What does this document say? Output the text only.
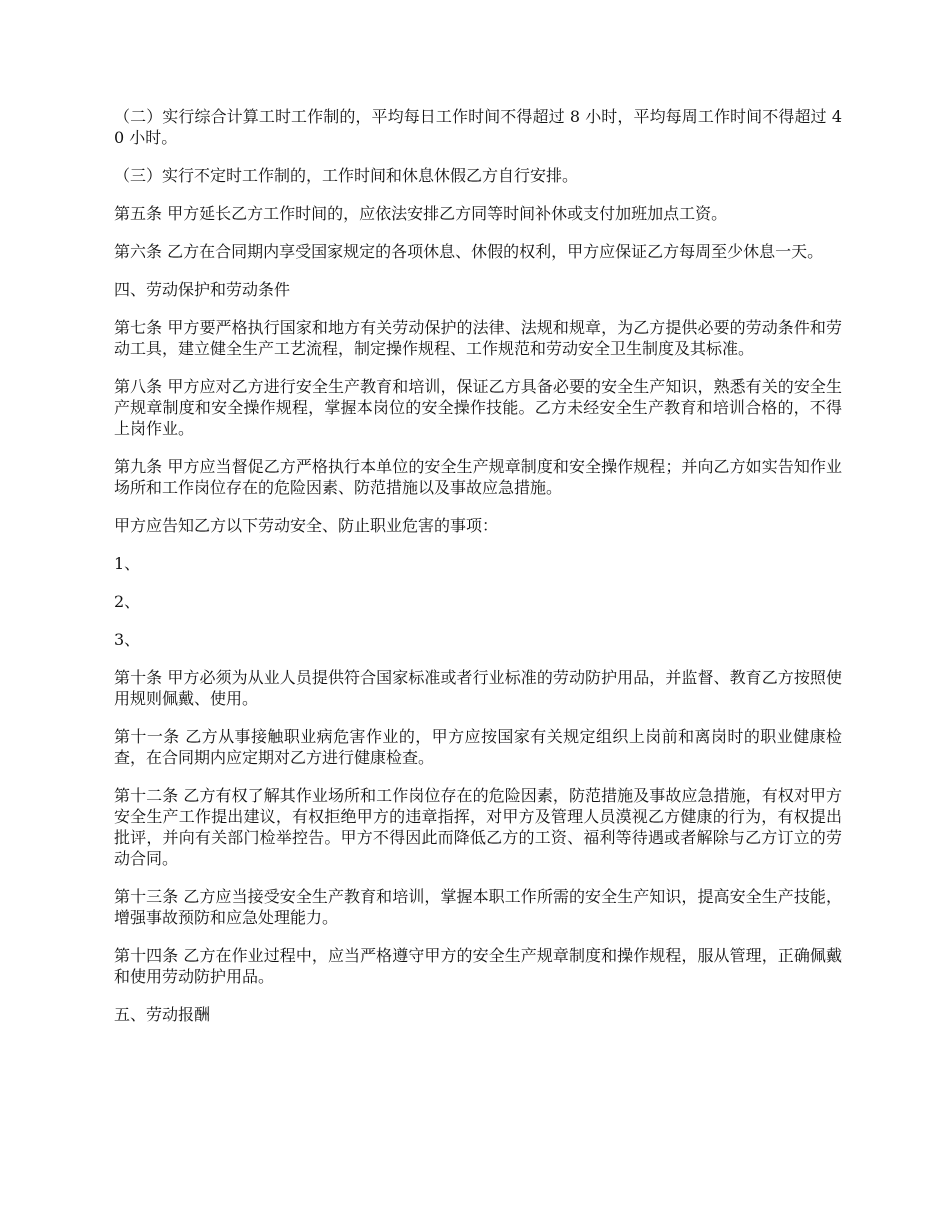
（二）实行综合计算工时工作制的，平均每日工作时间不得超过 8 小时，平均每周工作时间不得超过 40 小时。

（三）实行不定时工作制的，工作时间和休息休假乙方自行安排。

第五条 甲方延长乙方工作时间的，应依法安排乙方同等时间补休或支付加班加点工资。

第六条 乙方在合同期内享受国家规定的各项休息、休假的权利，甲方应保证乙方每周至少休息一天。

四、劳动保护和劳动条件

第七条 甲方要严格执行国家和地方有关劳动保护的法律、法规和规章，为乙方提供必要的劳动条件和劳动工具，建立健全生产工艺流程，制定操作规程、工作规范和劳动安全卫生制度及其标准。

第八条 甲方应对乙方进行安全生产教育和培训，保证乙方具备必要的安全生产知识，熟悉有关的安全生产规章制度和安全操作规程，掌握本岗位的安全操作技能。乙方未经安全生产教育和培训合格的，不得上岗作业。

第九条 甲方应当督促乙方严格执行本单位的安全生产规章制度和安全操作规程；并向乙方如实告知作业场所和工作岗位存在的危险因素、防范措施以及事故应急措施。

甲方应告知乙方以下劳动安全、防止职业危害的事项：

1、

2、

3、

第十条 甲方必须为从业人员提供符合国家标准或者行业标准的劳动防护用品，并监督、教育乙方按照使用规则佩戴、使用。

第十一条 乙方从事接触职业病危害作业的，甲方应按国家有关规定组织上岗前和离岗时的职业健康检查，在合同期内应定期对乙方进行健康检查。

第十二条 乙方有权了解其作业场所和工作岗位存在的危险因素，防范措施及事故应急措施，有权对甲方安全生产工作提出建议，有权拒绝甲方的违章指挥，对甲方及管理人员漠视乙方健康的行为，有权提出批评，并向有关部门检举控告。甲方不得因此而降低乙方的工资、福利等待遇或者解除与乙方订立的劳动合同。

第十三条 乙方应当接受安全生产教育和培训，掌握本职工作所需的安全生产知识，提高安全生产技能，增强事故预防和应急处理能力。

第十四条 乙方在作业过程中，应当严格遵守甲方的安全生产规章制度和操作规程，服从管理，正确佩戴和使用劳动防护用品。

五、劳动报酬
